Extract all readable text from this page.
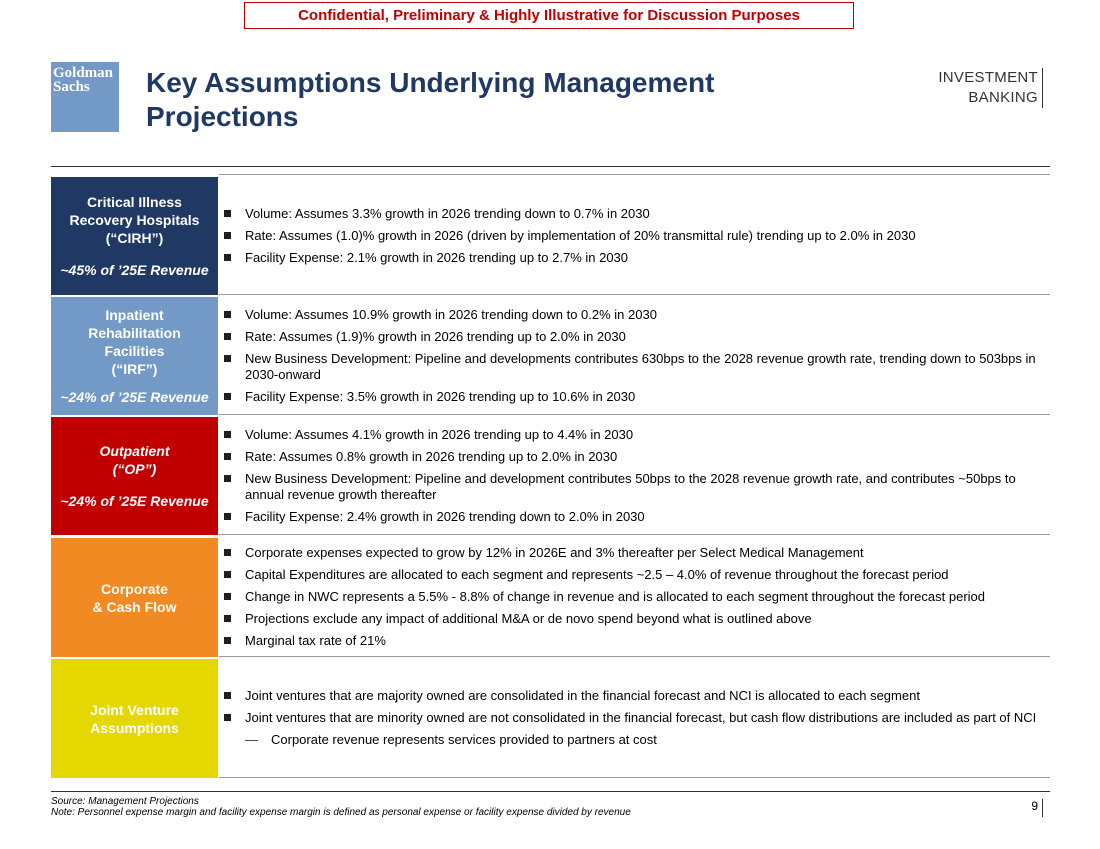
Confidential, Preliminary & Highly Illustrative for Discussion Purposes
Goldman
Sachs	Key Assumptions Underlying Management Projections
INVESTMENT
BANKING
Critical Illness
Recovery Hospitals
(“CIRH”)
~45% of ’25E Revenue
Volume: Assumes 3.3% growth in 2026 trending down to 0.7% in 2030
Rate: Assumes (1.0)% growth in 2026 (driven by implementation of 20% transmittal rule) trending up to 2.0% in 2030
Facility Expense: 2.1% growth in 2026 trending up to 2.7% in 2030
Inpatient
Rehabilitation
Facilities
(“IRF”)
~24% of ’25E Revenue
Volume: Assumes 10.9% growth in 2026 trending down to 0.2% in 2030
Rate: Assumes (1.9)% growth in 2026 trending up to 2.0% in 2030
New Business Development: Pipeline and developments contributes 630bps to the 2028 revenue growth rate, trending down to 503bps in 2030-onward
Facility Expense: 3.5% growth in 2026 trending up to 10.6% in 2030
Outpatient
(“OP”)
~24% of ’25E Revenue
Volume: Assumes 4.1% growth in 2026 trending up to 4.4% in 2030
Rate: Assumes 0.8% growth in 2026 trending up to 2.0% in 2030
New Business Development: Pipeline and development contributes 50bps to the 2028 revenue growth rate, and contributes ~50bps to annual revenue growth thereafter
Facility Expense: 2.4% growth in 2026 trending down to 2.0% in 2030
Corporate
& Cash Flow
Corporate expenses expected to grow by 12% in 2026E and 3% thereafter per Select Medical Management
Capital Expenditures are allocated to each segment and represents ~2.5 – 4.0% of revenue throughout the forecast period
Change in NWC represents a 5.5% - 8.8% of change in revenue and is allocated to each segment throughout the forecast period
Projections exclude any impact of additional M&A or de novo spend beyond what is outlined above
Marginal tax rate of 21%
Joint Venture
Assumptions
Joint ventures that are majority owned are consolidated in the financial forecast and NCI is allocated to each segment
Joint ventures that are minority owned are not consolidated in the financial forecast, but cash flow distributions are included as part of NCI
— Corporate revenue represents services provided to partners at cost
Source: Management Projections
Note: Personnel expense margin and facility expense margin is defined as personal expense or facility expense divided by revenue	9
